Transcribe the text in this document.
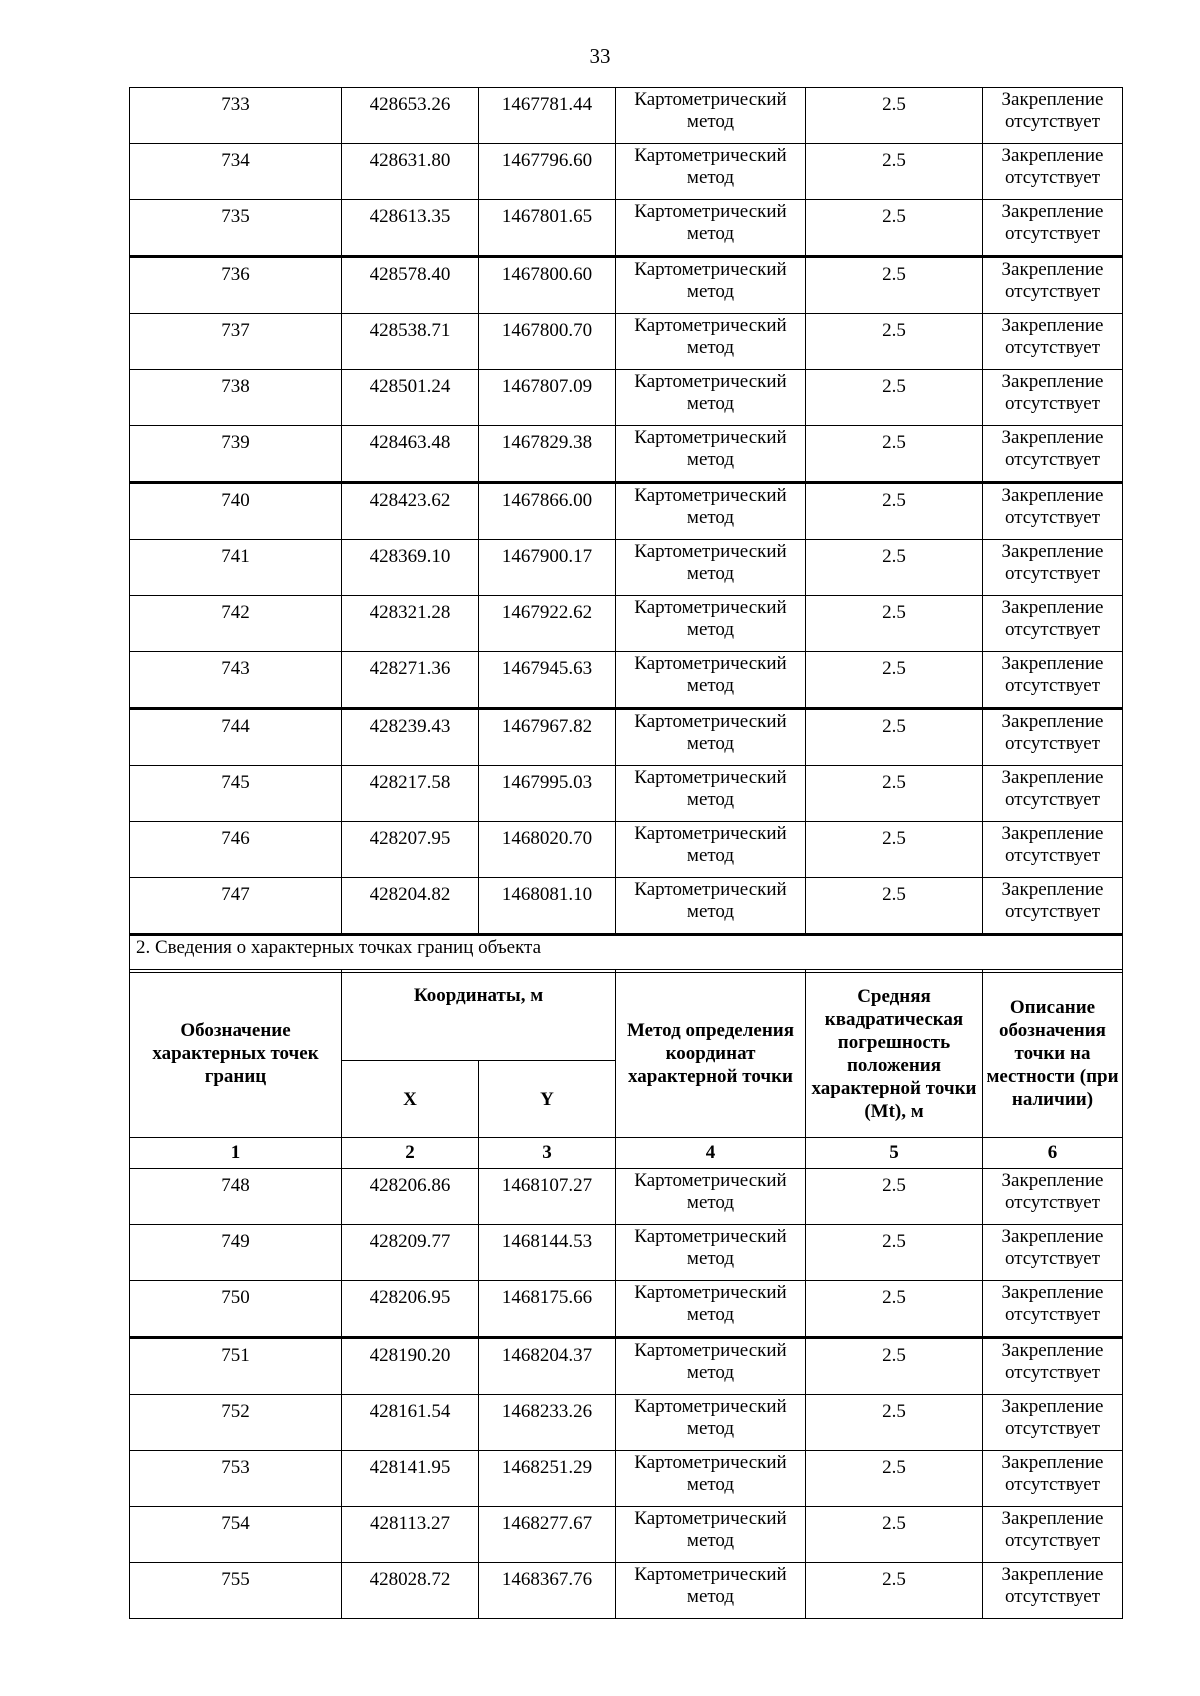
33
733	428653.26	1467781.44	Картометрический метод	2.5	Закрепление отсутствует
734	428631.80	1467796.60	Картометрический метод	2.5	Закрепление отсутствует
735	428613.35	1467801.65	Картометрический метод	2.5	Закрепление отсутствует
736	428578.40	1467800.60	Картометрический метод	2.5	Закрепление отсутствует
737	428538.71	1467800.70	Картометрический метод	2.5	Закрепление отсутствует
738	428501.24	1467807.09	Картометрический метод	2.5	Закрепление отсутствует
739	428463.48	1467829.38	Картометрический метод	2.5	Закрепление отсутствует
740	428423.62	1467866.00	Картометрический метод	2.5	Закрепление отсутствует
741	428369.10	1467900.17	Картометрический метод	2.5	Закрепление отсутствует
742	428321.28	1467922.62	Картометрический метод	2.5	Закрепление отсутствует
743	428271.36	1467945.63	Картометрический метод	2.5	Закрепление отсутствует
744	428239.43	1467967.82	Картометрический метод	2.5	Закрепление отсутствует
745	428217.58	1467995.03	Картометрический метод	2.5	Закрепление отсутствует
746	428207.95	1468020.70	Картометрический метод	2.5	Закрепление отсутствует
747	428204.82	1468081.10	Картометрический метод	2.5	Закрепление отсутствует

2. Сведения о характерных точках границ объекта					
Обозначение характерных точек границ	Координаты, м		Метод определения координат характерной точки	Средняя квадратическая погрешность положения характерной точки (Мt), м	Описание обозначения точки на местности (при наличии)
	X	Y			
1	2	3	4	5	6
748	428206.86	1468107.27	Картометрический метод	2.5	Закрепление отсутствует
749	428209.77	1468144.53	Картометрический метод	2.5	Закрепление отсутствует
750	428206.95	1468175.66	Картометрический метод	2.5	Закрепление отсутствует
751	428190.20	1468204.37	Картометрический метод	2.5	Закрепление отсутствует
752	428161.54	1468233.26	Картометрический метод	2.5	Закрепление отсутствует
753	428141.95	1468251.29	Картометрический метод	2.5	Закрепление отсутствует
754	428113.27	1468277.67	Картометрический метод	2.5	Закрепление отсутствует
755	428028.72	1468367.76	Картометрический метод	2.5	Закрепление отсутствует
